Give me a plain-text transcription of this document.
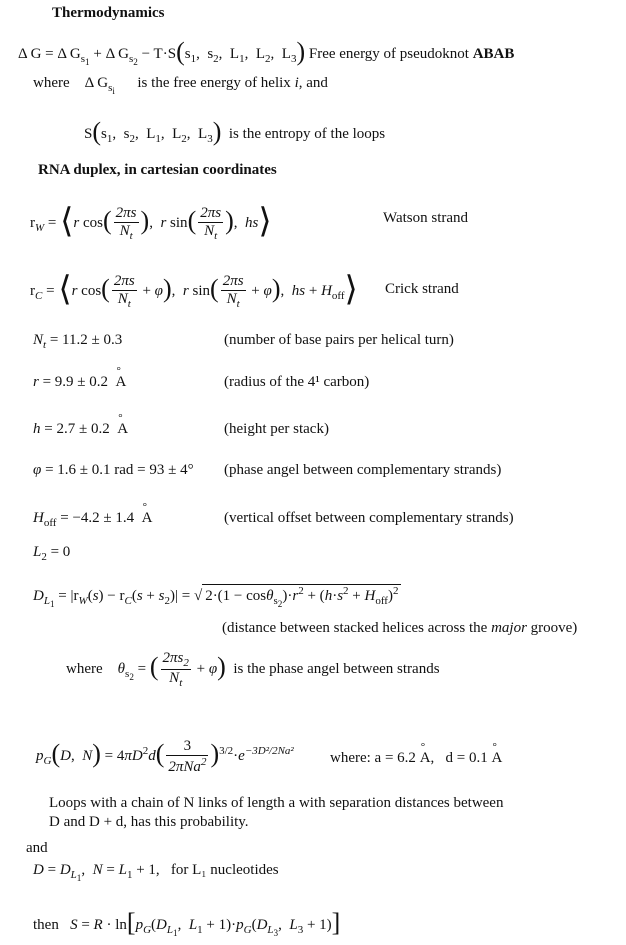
Thermodynamics
Δ G = Δ $G_{s_1} + \Delta$ $G_{s_2} - T\cdot S(s_1$,  $s_2$,  $L_1$,  $L_2$,  $L_3$) Free energy of pseudoknot ABAB
where    Δ $G_{s_i}$      is the free energy of helix i, and
$S(s_1$,  $s_2$,  $L_1$,  $L_2$,  $L_3$) is the entropy of the loops
RNA duplex, in cartesian coordinates
$r_W$ = ⟨r $\cos( \frac{2\pi s}{N_t}$ ),  r $\sin( \frac{2\pi s}{N_t}$ ),  hs⟩	Watson strand
$r_C$ = ⟨r $\cos( \frac{2\pi s}{N_t} + \varphi)$,  r $\sin( \frac{2\pi s}{N_t} + \varphi)$,  hs + $H_{off}⟩$ Crick strand
$N_t = 11.2 \pm 0.3$	(number of base pairs per helical turn)
r = 9.9 ± 0.2 ° A	(radius of the 4¹ carbon)
h = 2.7 ± 0.2 ° A	(height per stack)
φ = 1.6 ± 0.1 rad = 93 ± 4° (phase angel between complementary strands)
$H_{off} = -4.2 \pm 1.4$ ° A	(vertical offset between complementary strands)
$L_2 = 0$
$D_{L_1} = |r_W(s) - r_C(s + s_2)|$ = √ $2\cdot(1 - \cos\theta_{s_2})\cdot r^2 + (h\cdot s^2 + H_{off})^2$
(distance between stacked helices across the major groove)
where $\theta_{s_2}$ = ( $\frac{2\pi s_2}{N_t} + \varphi$) is the phase angel between strands
$p_G(D$,  $N) = 4\pi D^2d( \frac{3}{2\pi Na^2} )^{3/2}\cdot e^{-3D^2/2Na^2}$ where: a = 6.2 ° A,   d = 0.1 ° A
Loops with a chain of N links of length a with separation distances between
D and D + d, has this probability.
and
$D = D_{L_1}$,  $N = L_1 + 1$,   for L₁ nucleotides
then $S = R \cdot \ln[p_G(D_{L_1}$,  $L_1 + 1)\cdot p_G(D_{L_3}$,  $L_3 + 1$)]
